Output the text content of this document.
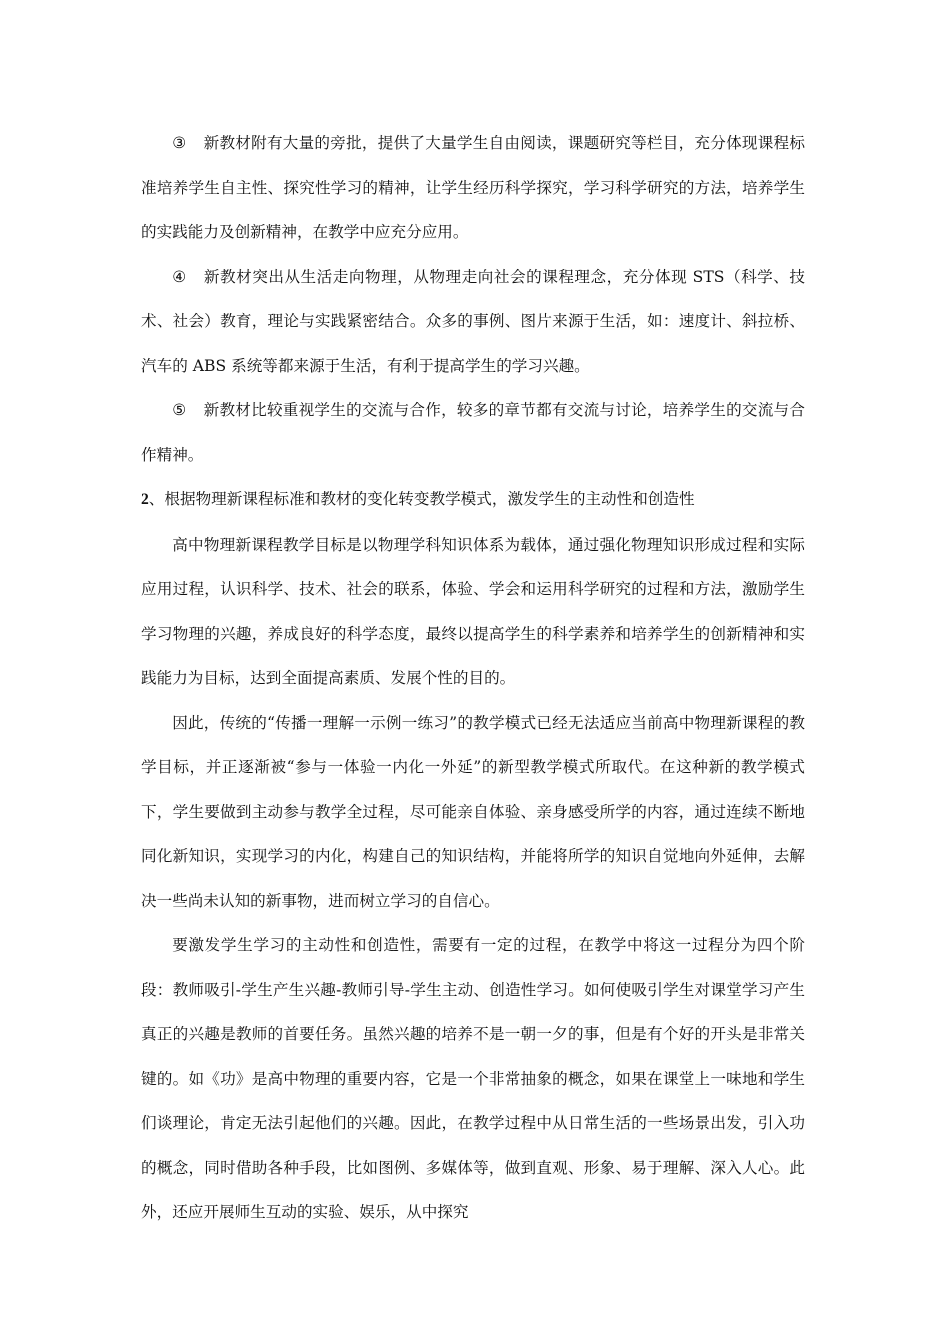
③ 新教材附有大量的旁批，提供了大量学生自由阅读，课题研究等栏目，充分体现课程标准培养学生自主性、探究性学习的精神，让学生经历科学探究，学习科学研究的方法，培养学生的实践能力及创新精神，在教学中应充分应用。

④ 新教材突出从生活走向物理，从物理走向社会的课程理念，充分体现 STS（科学、技术、社会）教育，理论与实践紧密结合。众多的事例、图片来源于生活，如：速度计、斜拉桥、汽车的 ABS 系统等都来源于生活，有利于提高学生的学习兴趣。

⑤ 新教材比较重视学生的交流与合作，较多的章节都有交流与讨论，培养学生的交流与合作精神。

2、根据物理新课程标准和教材的变化转变教学模式，激发学生的主动性和创造性

高中物理新课程教学目标是以物理学科知识体系为载体，通过强化物理知识形成过程和实际应用过程，认识科学、技术、社会的联系，体验、学会和运用科学研究的过程和方法，激励学生学习物理的兴趣，养成良好的科学态度，最终以提高学生的科学素养和培养学生的创新精神和实践能力为目标，达到全面提高素质、发展个性的目的。

因此，传统的“传播一理解一示例一练习”的教学模式已经无法适应当前高中物理新课程的教学目标，并正逐渐被“参与一体验一内化一外延”的新型教学模式所取代。在这种新的教学模式下，学生要做到主动参与教学全过程，尽可能亲自体验、亲身感受所学的内容，通过连续不断地同化新知识，实现学习的内化，构建自己的知识结构，并能将所学的知识自觉地向外延伸，去解决一些尚未认知的新事物，进而树立学习的自信心。

要激发学生学习的主动性和创造性，需要有一定的过程，在教学中将这一过程分为四个阶段：教师吸引-学生产生兴趣-教师引导-学生主动、创造性学习。如何使吸引学生对课堂学习产生真正的兴趣是教师的首要任务。虽然兴趣的培养不是一朝一夕的事，但是有个好的开头是非常关键的。如《功》是高中物理的重要内容，它是一个非常抽象的概念，如果在课堂上一味地和学生们谈理论，肯定无法引起他们的兴趣。因此，在教学过程中从日常生活的一些场景出发，引入功的概念，同时借助各种手段，比如图例、多媒体等，做到直观、形象、易于理解、深入人心。此外，还应开展师生互动的实验、娱乐，从中探究
